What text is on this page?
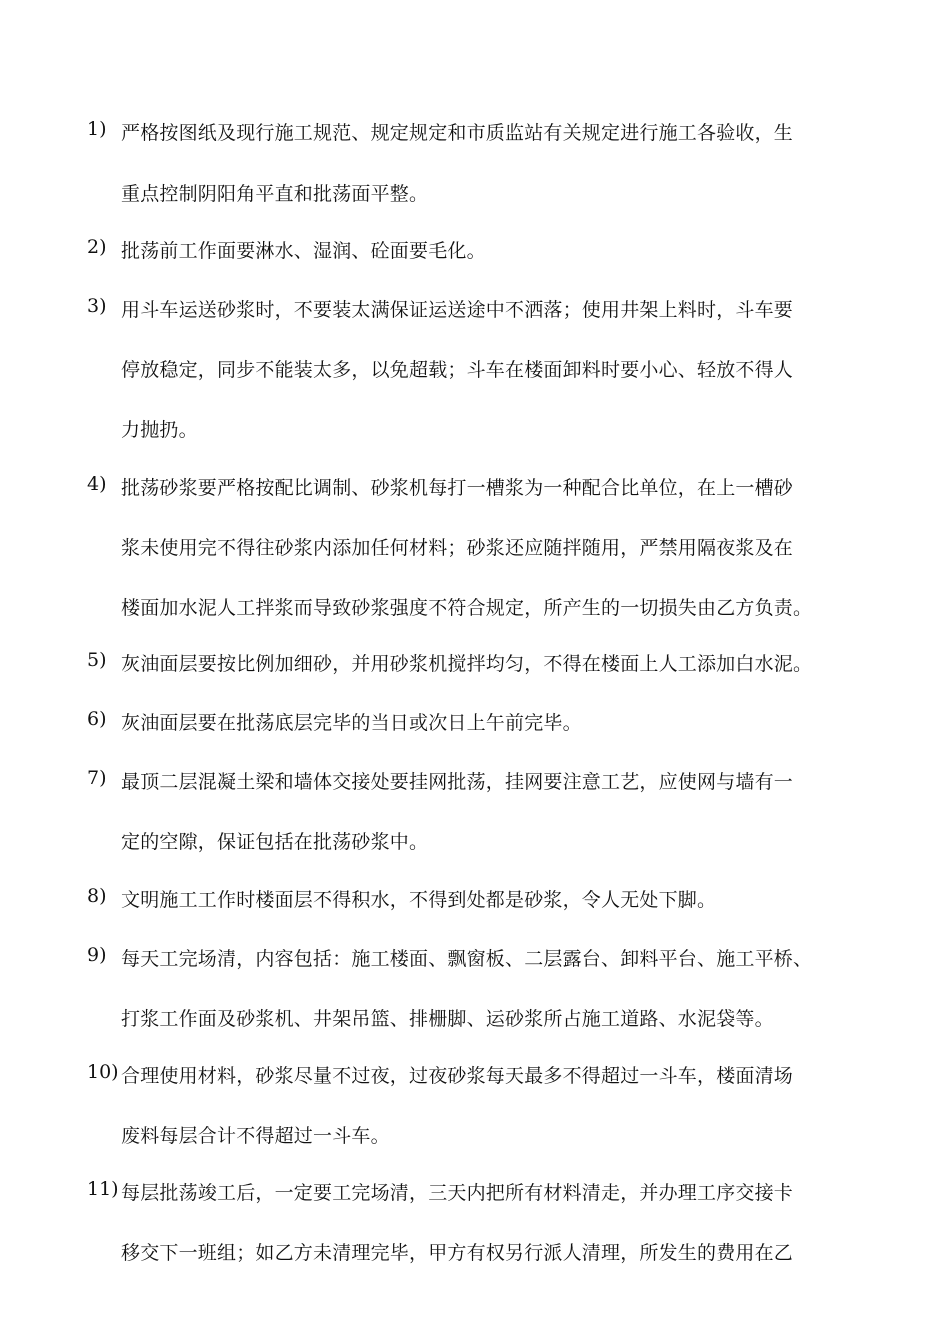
1) 严格按图纸及现行施工规范、规定规定和市质监站有关规定进行施工各验收，生
重点控制阴阳角平直和批荡面平整。
2) 批荡前工作面要淋水、湿润、砼面要毛化。
3) 用斗车运送砂浆时，不要装太满保证运送途中不洒落；使用井架上料时，斗车要
停放稳定，同步不能装太多，以免超载；斗车在楼面卸料时要小心、轻放不得人
力抛扔。
4) 批荡砂浆要严格按配比调制、砂浆机每打一槽浆为一种配合比单位，在上一槽砂
浆未使用完不得往砂浆内添加任何材料；砂浆还应随拌随用，严禁用隔夜浆及在
楼面加水泥人工拌浆而导致砂浆强度不符合规定，所产生的一切损失由乙方负责。
5) 灰油面层要按比例加细砂，并用砂浆机搅拌均匀，不得在楼面上人工添加白水泥。
6) 灰油面层要在批荡底层完毕的当日或次日上午前完毕。
7) 最顶二层混凝土梁和墙体交接处要挂网批荡，挂网要注意工艺，应使网与墙有一
定的空隙，保证包括在批荡砂浆中。
8) 文明施工工作时楼面层不得积水，不得到处都是砂浆，令人无处下脚。
9) 每天工完场清，内容包括：施工楼面、飘窗板、二层露台、卸料平台、施工平桥、
打浆工作面及砂浆机、井架吊篮、排栅脚、运砂浆所占施工道路、水泥袋等。
10) 合理使用材料，砂浆尽量不过夜，过夜砂浆每天最多不得超过一斗车，楼面清场
废料每层合计不得超过一斗车。
11) 每层批荡竣工后，一定要工完场清，三天内把所有材料清走，并办理工序交接卡
移交下一班组；如乙方未清理完毕，甲方有权另行派人清理，所发生的费用在乙
